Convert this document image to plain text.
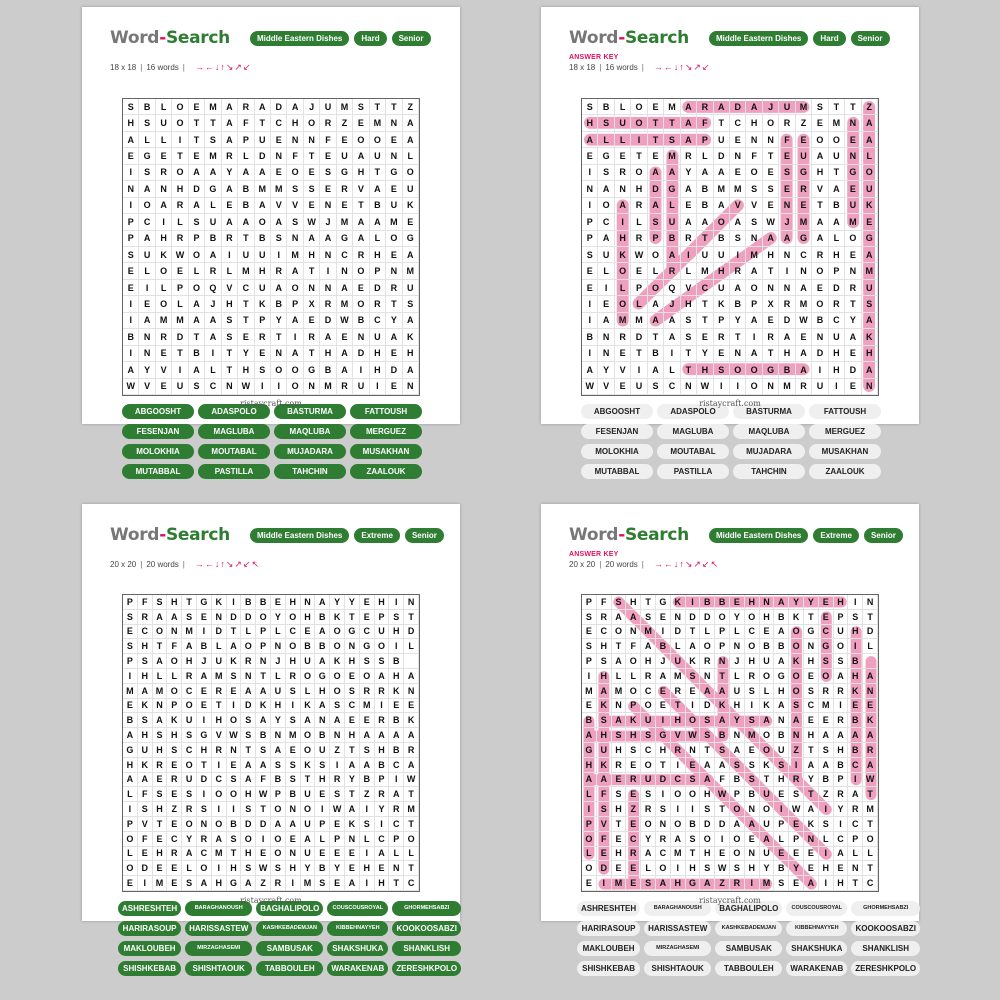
Word-Search	Middle Eastern Dishes	Hard	Senior
18 x 18 | 16 words | →←↓↑↘↗↙
S	B	L	O	E	M	A	R	A	D	A	J	U	M	S	T	T	Z
H	S	U	O	T	T	A	F	T	C	H	O	R	Z	E	M	N	A
A	L	L	I	T	S	A	P	U	E	N	N	F	E	O	O	E	A
E	G	E	T	E	M	R	L	D	N	F	T	E	U	A	U	N	L
I	S	R	O	A	A	Y	A	A	E	O	E	S	G	H	T	G	O
N	A	N	H	D	G	A	B	M M	S	S	E	R	V	A	E	U
I	O	A	R	A	L	E	B	A	V	V	E	N	E	T	B	U	K
P	C	I	L	S	U	A	A	O	A	S	W	J	M	A	A	M	E
P	A	H	R	P	B	R	T	B	S	N	A	A	G	A	L	O	G
S	U	K W O	A	I	U	U	I	M	H	N	C	R	H	E	A
E	L	O	E	L	R	L	M	H	R	A	T	I	N	O	P	N	M
E	I	L	P	O	Q	V	C	U	A	O	N	N	A	E	D	R	U
I	E	O	L	A	J	H	T	K	B	P	X	R	M	O	R	T	S
I	A	M M	A	A	S	T	P	Y	A	E	D W B	C	Y	A
B	N	R	D	T	A	S	E	R	T	I	R	A	E	N	U	A	K
I	N	E	T	B	I	T	Y	E	N	A	T	H	A	D	H	E	H
A	Y	V	I	A	L	T	H	S	O	O	G	B	A	I	H	D	A
W	V	E	U	S	C	N W	I	I	O	N	M	R	U	I	E	N
ABGOOSHT	ADASPOLO	BASTURMA	FATTOUSH
FESENJAN	MAGLUBA	MAQLUBA	MERGUEZ
MOLOKHIA	MOUTABAL	MUJADARA	MUSAKHAN
MUTABBAL	PASTILLA	TAHCHIN	ZAALOUK
ristaycraft.com
Word-Search	Middle Eastern Dishes	Hard	Senior
ANSWER KEY
18 x 18 | 16 words | →←↓↑↘↗↙
S	B	L	O	E	M	A	R	A	D	A	J	U	M	S	T	T	Z
H	S	U	O	T	T	A	F	T	C	H	O	R	Z	E	M	N	A
A	L	L	I	T	S	A	P	U	E	N	N	F	E	O	O	E	A
E	G	E	T	E	M	R	L	D	N	F	T	E	U	A	U	N	L
I	S	R	O	A	A	Y	A	A	E	O	E	S	G	H	T	G	O
N	A	N	H	D	G	A	B	M M	S	S	E	R	V	A	E	U
I	O	A	R	A	L	E	B	A	V	V	E	N	E	T	B	U	K
P	C	I	L	S	U	A	A	O	A	S	W	J	M	A	A	M	E
P	A	H	R	P	B	R	T	B	S	N	A	A	G	A	L	O	G
S	U	K W O	A	I	U	U	I	M	H	N	C	R	H	E	A
E	L	O	E	L	R	L	M	H	R	A	T	I	N	O	P	N	M
E	I	L	P	O	Q	V	C	U	A	O	N	N	A	E	D	R	U
I	E	O	L	A	J	H	T	K	B	P	X	R	M	O	R	T	S
I	A	M M	A	A	S	T	P	Y	A	E	D W B	C	Y	A
B	N	R	D	T	A	S	E	R	T	I	R	A	E	N	U	A	K
I	N	E	T	B	I	T	Y	E	N	A	T	H	A	D	H	E	H
A	Y	V	I	A	L	T	H	S	O	O	G	B	A	I	H	D	A
W	V	E	U	S	C	N W	I	I	O	N	M	R	U	I	E	N
ABGOOSHT	ADASPOLO	BASTURMA	FATTOUSH
FESENJAN	MAGLUBA	MAQLUBA	MERGUEZ
MOLOKHIA	MOUTABAL	MUJADARA	MUSAKHAN
MUTABBAL	PASTILLA	TAHCHIN	ZAALOUK
ristaycraft.com
Word-Search	Middle Eastern Dishes	Extreme	Senior
20 x 20 | 20 words | →←↓↑↘↗↙↖
P	F	S H T G K	I	B B E H N A Y Y E H	I	N
S R A A S E N D D O Y O H B K T	E P S	T
E C O N M	I	D T	L	P	L C E A O G C U H D
S H T	F A B L A O P N O B B O N G O	I	L
P S A O H	J	U K R N	J	H U A K H S S B
I	H L	L R A M S N T	L R O G O E O A H A
M A M O C E R E A A U S	L H O S R R K N
E K N P O E	T	I	D K H	I	K A S C M	I	E E
B S A K U	I	H O S A Y S A N A E E R B K
A H S H S G V W S B N M O B N H A A A A
G U H S C H R N T	S A E O U Z	T	S H B R
H K R E O T	I	E A A S S K S	I	A A B C A
A A E R U D C S A F B S	T H R Y B P	I	W
L	F	S E S	I	O O H W P B U E S	T	Z R A T
I	S H Z R S	I	I	S	T O N O	I	W A	I	Y R M
P V	T	E O N O B D D A A U P E K S	I	C T
O F	E C Y R A S O	I	O E A L	P N L C P O
L	E H R A C M T H E O N U E E E	I	A L	L
O D E E	L O	I	H S W S H Y B Y E H E N T
E	I	M E S A H G A Z R	I	M S E A	I	H T C
ASHRESHTEH	BARAGHANOUSH	BAGHALIPOLO	COUSCOUSROYAL	GHORMEHSABZI
HARIRASOUP	HARISSASTEW	KASHKEBADEMJAN	KIBBEHNAYYEH	KOOKOOSABZI
MAKLOUBEH	MIRZAGHASEMI	SAMBUSAK	SHAKSHUKA	SHANKLISH
SHISHKEBAB	SHISHTAOUK	TABBOULEH	WARAKENAB	ZERESHKPOLO
ristaycraft.com
Word-Search	Middle Eastern Dishes	Extreme	Senior
ANSWER KEY
20 x 20 | 20 words | →←↓↑↘↗↙↖
P	F	S H T G K	I	B B E H N A Y Y E H	I	N
S R A A S E N D D O Y O H B K T	E P S	T
E C O N M	I	D T	L	P	L C E A O G C U H D
S H T	F A B L A O P N O B B O N G O	I	L
P S A O H	J	U K R N	J	H U A K H S S B
I	H L	L R A M S N T	L R O G O E O A H A
M A M O C E R E A A U S	L H O S R R K N
E K N P O E	T	I	D K H	I	K A S C M	I	E E
B S A K U	I	H O S A Y S A N A E E R B K
A H S H S G V W S B N M O B N H A A A A
G U H S C H R N T	S A E O U Z	T	S H B R
H K R E O T	I	E A A S S K S	I	A A B C A
A A E R U D C S A F B S	T H R Y B P	I	W
L	F	S E S	I	O O H W P B U E S	T	Z R A T
I	S H Z R S	I	I	S	T O N O	I	W A	I	Y R M
P V	T	E O N O B D D A A U P E K S	I	C T
O F	E C Y R A S O	I	O E A L	P N L C P O
L	E H R A C M T H E O N U E E E	I	A L	L
O D E E	L O	I	H S W S H Y B Y E H E N T
E	I	M E S A H G A Z R	I	M S E A	I	H T C
ASHRESHTEH	BARAGHANOUSH	BAGHALIPOLO	COUSCOUSROYAL	GHORMEHSABZI
HARIRASOUP	HARISSASTEW	KASHKEBADEMJAN	KIBBEHNAYYEH	KOOKOOSABZI
MAKLOUBEH	MIRZAGHASEMI	SAMBUSAK	SHAKSHUKA	SHANKLISH
SHISHKEBAB	SHISHTAOUK	TABBOULEH	WARAKENAB	ZERESHKPOLO
ristaycraft.com
